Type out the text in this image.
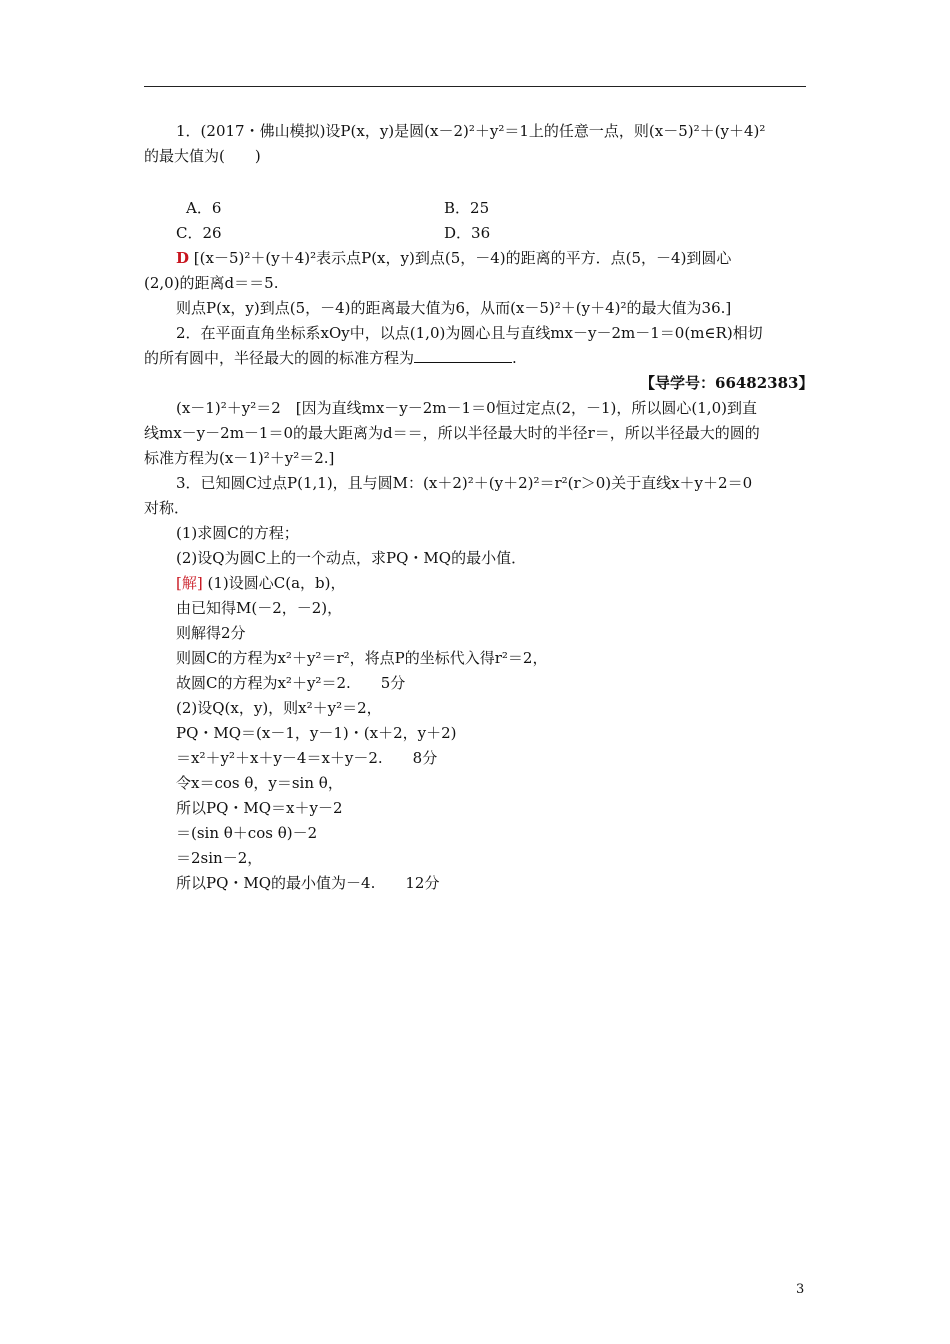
1．(2017・佛山模拟)设P(x，y)是圆(x－2)²＋y²＝1上的任意一点，则(x－5)²＋(y＋4)²
的最大值为(　　)
A．6	B．25
C．26	D．36
D [(x－5)²＋(y＋4)²表示点P(x，y)到点(5，－4)的距离的平方．点(5，－4)到圆心
(2,0)的距离d＝＝5.
则点P(x，y)到点(5，－4)的距离最大值为6，从而(x－5)²＋(y＋4)²的最大值为36.]
2．在平面直角坐标系xOy中，以点(1,0)为圆心且与直线mx－y－2m－1＝0(m∈R)相切
的所有圆中，半径最大的圆的标准方程为	.
【导学号：66482383】
(x－1)²＋y²＝2　[因为直线mx－y－2m－1＝0恒过定点(2，－1)，所以圆心(1,0)到直
线mx－y－2m－1＝0的最大距离为d＝＝，所以半径最大时的半径r＝，所以半径最大的圆的
标准方程为(x－1)²＋y²＝2.]
3．已知圆C过点P(1,1)，且与圆M：(x＋2)²＋(y＋2)²＝r²(r＞0)关于直线x＋y＋2＝0
对称．
(1)求圆C的方程；
(2)设Q为圆C上的一个动点，求PQ・MQ的最小值．
[解] (1)设圆心C(a，b)，
由已知得M(－2，－2)，
则解得2分
则圆C的方程为x²＋y²＝r²，将点P的坐标代入得r²＝2，
故圆C的方程为x²＋y²＝2.　　5分
(2)设Q(x，y)，则x²＋y²＝2，
PQ・MQ＝(x－1，y－1)・(x＋2，y＋2)
＝x²＋y²＋x＋y－4＝x＋y－2.　　8分
令x＝cos θ，y＝sin θ，
所以PQ・MQ＝x＋y－2
＝(sin θ＋cos θ)－2
＝2sin－2，
所以PQ・MQ的最小值为－4.　　12分
3
